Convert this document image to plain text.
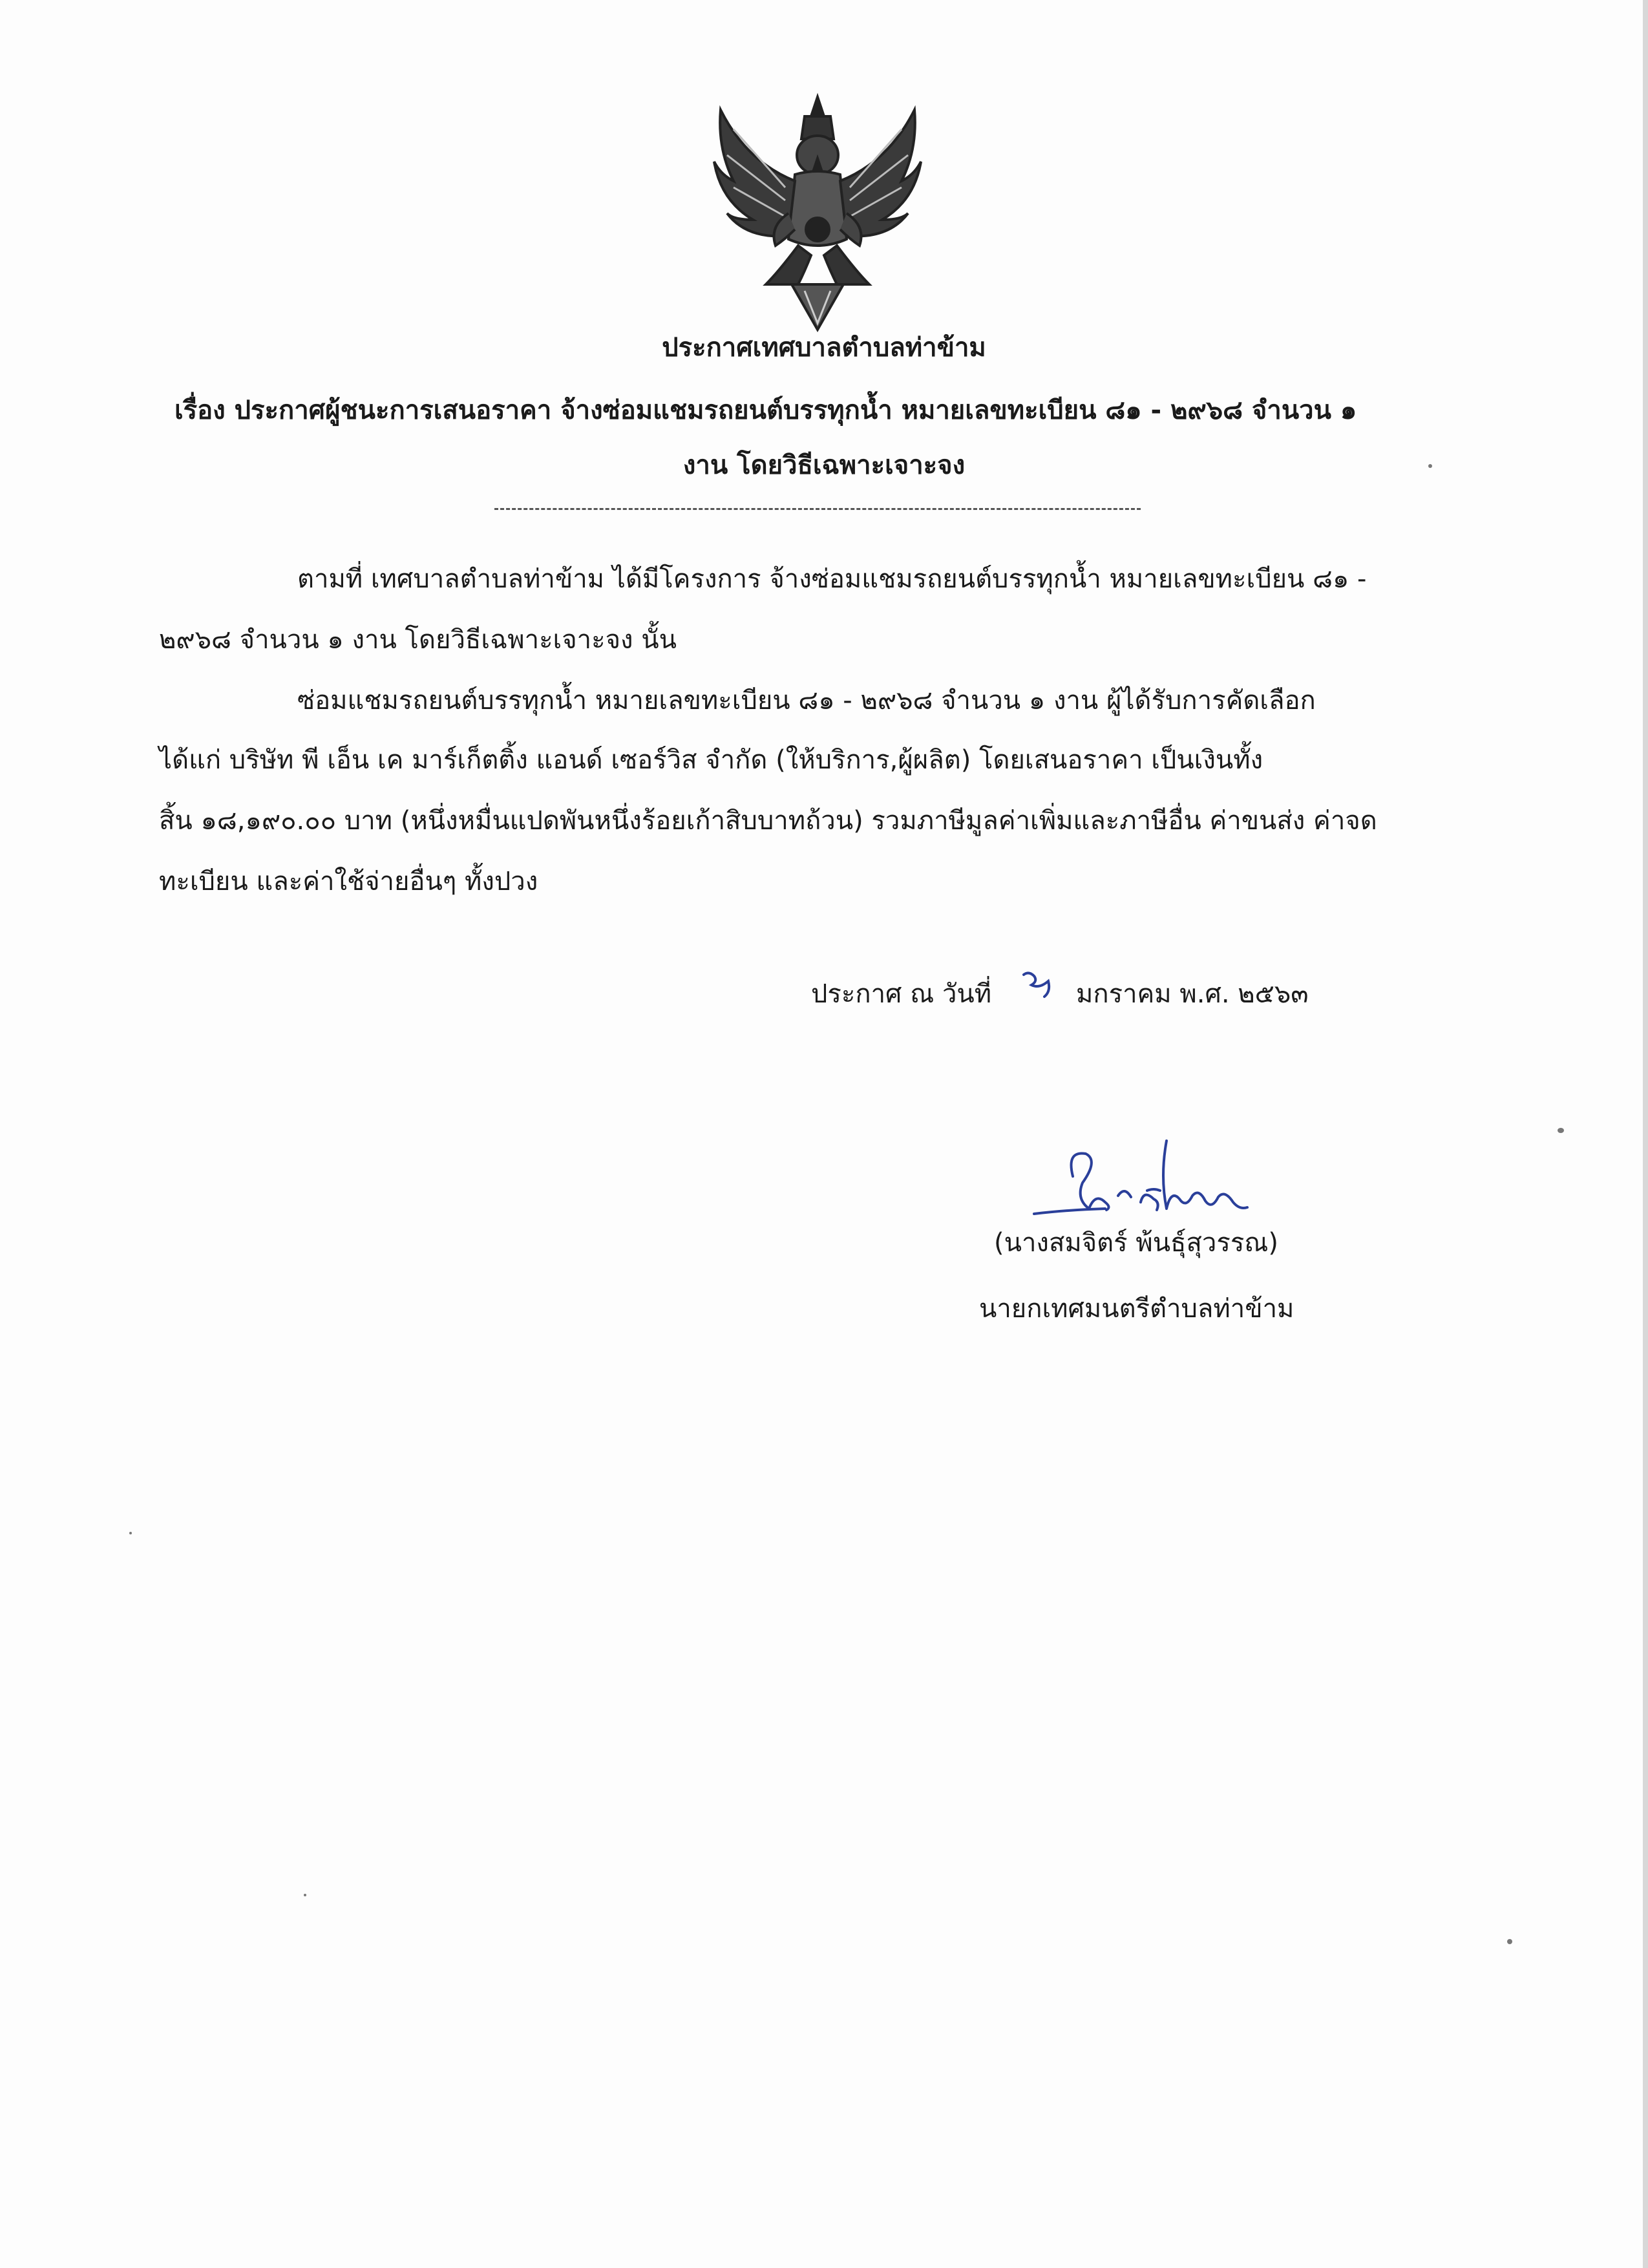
ประกาศเทศบาลตำบลท่าข้าม
เรื่อง ประกาศผู้ชนะการเสนอราคา จ้างซ่อมแชมรถยนต์บรรทุกน้ำ หมายเลขทะเบียน ๘๑ - ๒๙๖๘ จำนวน ๑
งาน โดยวิธีเฉพาะเจาะจง
ตามที่ เทศบาลตำบลท่าข้าม ได้มีโครงการ จ้างซ่อมแชมรถยนต์บรรทุกน้ำ หมายเลขทะเบียน ๘๑ -
๒๙๖๘ จำนวน ๑ งาน โดยวิธีเฉพาะเจาะจง นั้น
ซ่อมแชมรถยนต์บรรทุกน้ำ หมายเลขทะเบียน ๘๑ - ๒๙๖๘ จำนวน ๑ งาน ผู้ได้รับการคัดเลือก
ได้แก่ บริษัท พี เอ็น เค มาร์เก็ตติ้ง แอนด์ เซอร์วิส จำกัด (ให้บริการ,ผู้ผลิต) โดยเสนอราคา เป็นเงินทั้ง
สิ้น ๑๘,๑๙๐.๐๐ บาท (หนึ่งหมื่นแปดพันหนึ่งร้อยเก้าสิบบาทถ้วน) รวมภาษีมูลค่าเพิ่มและภาษีอื่น ค่าขนส่ง ค่าจด
ทะเบียน และค่าใช้จ่ายอื่นๆ ทั้งปวง
ประกาศ ณ วันที่	มกราคม พ.ศ. ๒๕๖๓
(นางสมจิตร์ พ้นธุ์สุวรรณ)
นายกเทศมนตรีตำบลท่าข้าม
